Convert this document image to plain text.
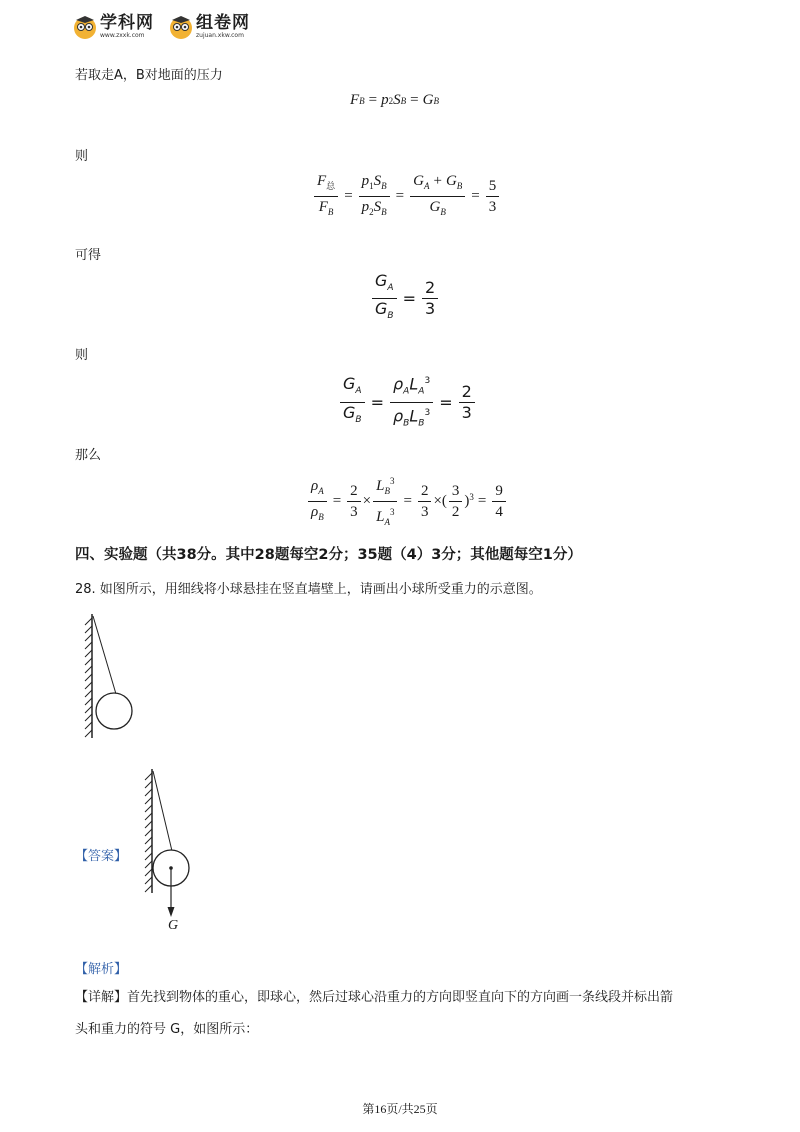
学科网
www.zxxk.com
组卷网
zujuan.xkw.com
若取走A，B对地面的压力
F B = p 2 S B = G B
则
$\frac{F_总}{F_B} = \frac{p_1S_B}{p_2S_B} = \frac{G_A + G_B}{G_B} = \frac{5}{3}$
可得
$\frac{G_A}{G_B} = \frac{2}{3}$
则
$\frac{G_A}{G_B} = \frac{\rho_AL_A^3}{\rho_BL_B^3} = \frac{2}{3}$
那么
$\frac{\rho_A}{\rho_B} = \frac{2}{3} \times \frac{L_B^3}{L_A^3} = \frac{2}{3}$ × ( $\frac{3}{2} )^3 = \frac{9}{4}$
四、实验题（共38分。其中28题每空2分；35题（4）3分；其他题每空1分）
28. 如图所示，用细线将小球悬挂在竖直墙壁上，请画出小球所受重力的示意图。
【答案】
G
【解析】
【详解】首先找到物体的重心，即球心，然后过球心沿重力的方向即竖直向下的方向画一条线段并标出箭
头和重力的符号 G，如图所示：
第16页/共25页
